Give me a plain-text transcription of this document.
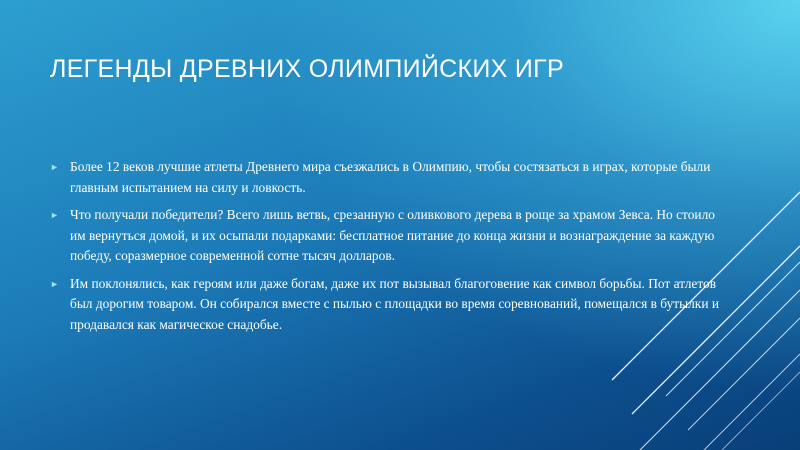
ЛЕГЕНДЫ ДРЕВНИХ ОЛИМПИЙСКИХ ИГР
► Более 12 веков лучшие атлеты Древнего мира съезжались в Олимпию, чтобы состязаться в играх, которые были главным испытанием на силу и ловкость.
► Что получали победители? Всего лишь ветвь, срезанную с оливкового дерева в роще за храмом Зевса. Но стоило им вернуться домой, и их осыпали подарками: бесплатное питание до конца жизни и вознаграждение за каждую победу, соразмерное современной сотне тысяч долларов.
► Им поклонялись, как героям или даже богам, даже их пот вызывал благоговение как символ борьбы. Пот атлетов был дорогим товаром. Он собирался вместе с пылью с площадки во время соревнований, помещался в бутылки и продавался как магическое снадобье.
